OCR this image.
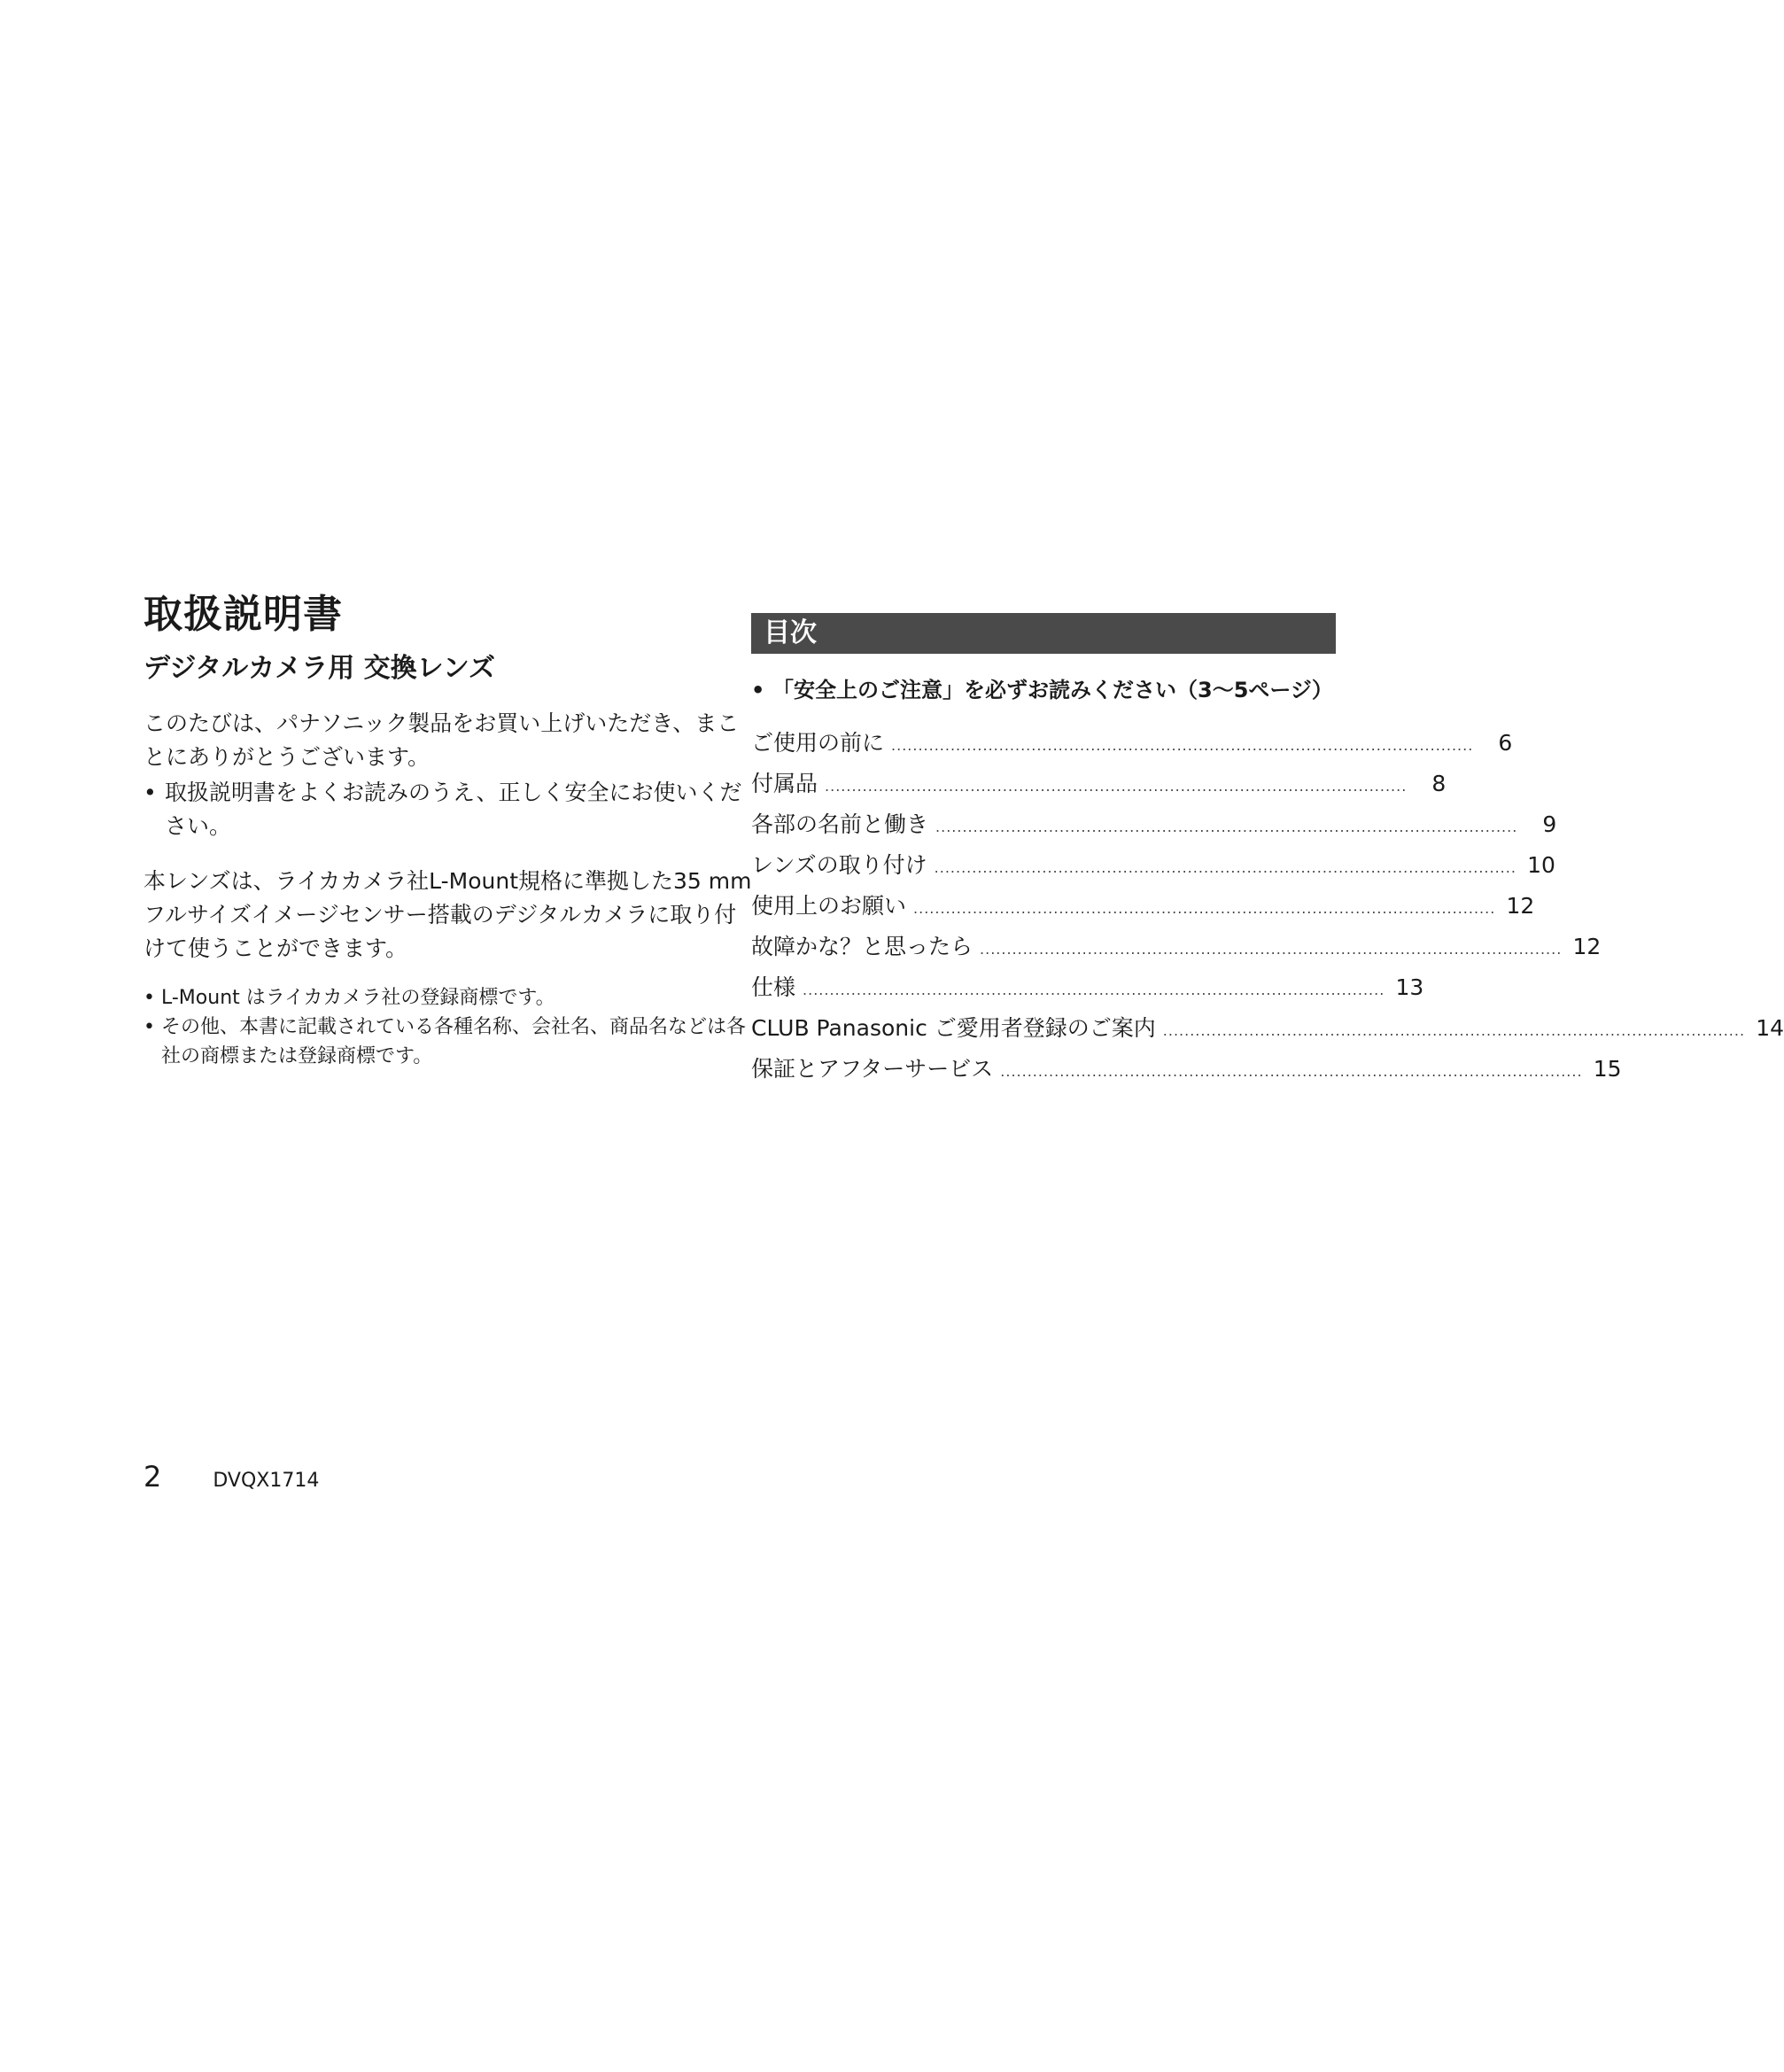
取扱説明書
デジタルカメラ用 交換レンズ

このたびは、パナソニック製品をお買い上げいただき、まことにありがとうございます。

• 取扱説明書をよくお読みのうえ、正しく安全にお使いください。

本レンズは、ライカカメラ社L-Mount規格に準拠した35 mm フルサイズイメージセンサー搭載のデジタルカメラに取り付けて使うことができます。

• L-Mount はライカカメラ社の登録商標です。
• その他、本書に記載されている各種名称、会社名、商品名などは各社の商標または登録商標です。
目次

• 「安全上のご注意」を必ずお読みください（3〜5ページ）

ご使用の前に ............................................................................................................	6
付属品 ............................................................................................................	8
各部の名前と働き ............................................................................................................	9
レンズの取り付け ............................................................................................................ 10
使用上のお願い ............................................................................................................ 12
故障かな？と思ったら ............................................................................................................ 12
仕様 ............................................................................................................ 13
CLUB Panasonic ご愛用者登録のご案内 ............................................................................................................ 14
保証とアフターサービス ............................................................................................................ 15
2	DVQX1714
